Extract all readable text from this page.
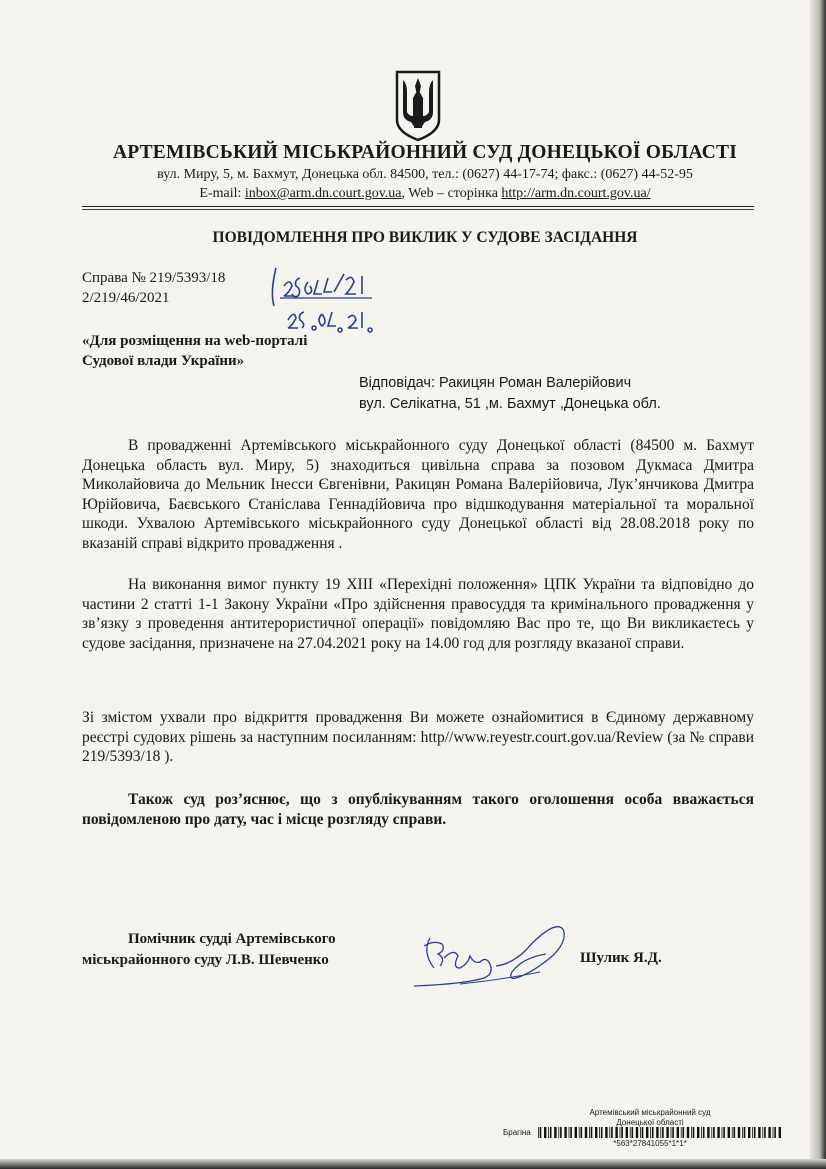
АРТЕМІВСЬКИЙ МІСЬКРАЙОННИЙ СУД ДОНЕЦЬКОЇ ОБЛАСТІ
вул. Миру, 5, м. Бахмут, Донецька обл. 84500, тел.: (0627) 44-17-74; факс.: (0627) 44-52-95
E-mail: inbox@arm.dn.court.gov.ua, Web – сторінка http://arm.dn.court.gov.ua/
ПОВІДОМЛЕННЯ ПРО ВИКЛИК У СУДОВЕ ЗАСІДАННЯ
Справа № 219/5393/18
2/219/46/2021
«Для розміщення на web-порталі
Судової влади України»
Відповідач: Ракицян Роман Валерійович
вул. Селікатна, 51 ,м. Бахмут ,Донецька обл.
В провадженні Артемівського міськрайонного суду Донецької області (84500 м. Бахмут Донецька область вул. Миру, 5) знаходиться цивільна справа за позовом Дукмаса Дмитра Миколайовича до Мельник Інесси Євгенівни, Ракицян Романа Валерійовича, Лук’янчикова Дмитра Юрійовича, Баєвського Станіслава Геннадійовича про відшкодування матеріальної та моральної шкоди. Ухвалою Артемівського міськрайонного суду Донецької області від 28.08.2018 року по вказаній справі відкрито провадження .
На виконання вимог пункту 19 XIII «Перехідні положення» ЦПК України та відповідно до частини 2 статті 1-1 Закону України «Про здійснення правосуддя та кримінального провадження у зв’язку з проведення антитерористичної операції» повідомляю Вас про те, що Ви викликаєтесь у судове засідання, призначене на 27.04.2021 року на 14.00 год для розгляду вказаної справи.
Зі змістом ухвали про відкриття провадження Ви можете ознайомитися в Єдиному державному реєстрі судових рішень за наступним посиланням: http//www.reyestr.court.gov.ua/Review (за № справи 219/5393/18 ).
Також суд роз’яснює, що з опублікуванням такого оголошення особа вважається повідомленою про дату, час і місце розгляду справи.
Помічник судді Артемівського
міськрайонного суду Л.В. Шевченко	Шулик Я.Д.
Артемівський міськрайонний суд
Донецької області
Брагіна
*563*27841055*1*1*
